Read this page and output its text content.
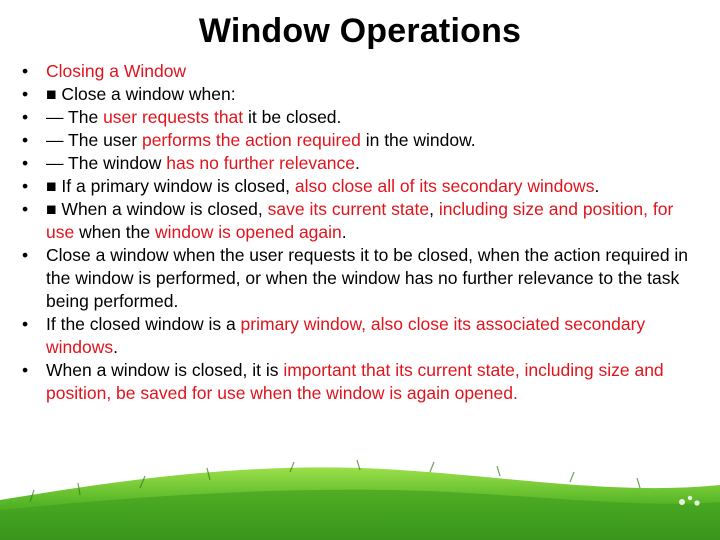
Window Operations
• Closing a Window
• ■ Close a window when:
• — The user requests that it be closed.
• — The user performs the action required in the window.
• — The window has no further relevance.
• ■ If a primary window is closed, also close all of its secondary windows.
• ■ When a window is closed, save its current state, including size and position, for use when the window is opened again.
• Close a window when the user requests it to be closed, when the action required in the window is performed, or when the window has no further relevance to the task being performed.
• If the closed window is a primary window, also close its associated secondary windows.
• When a window is closed, it is important that its current state, including size and position, be saved for use when the window is again opened.
